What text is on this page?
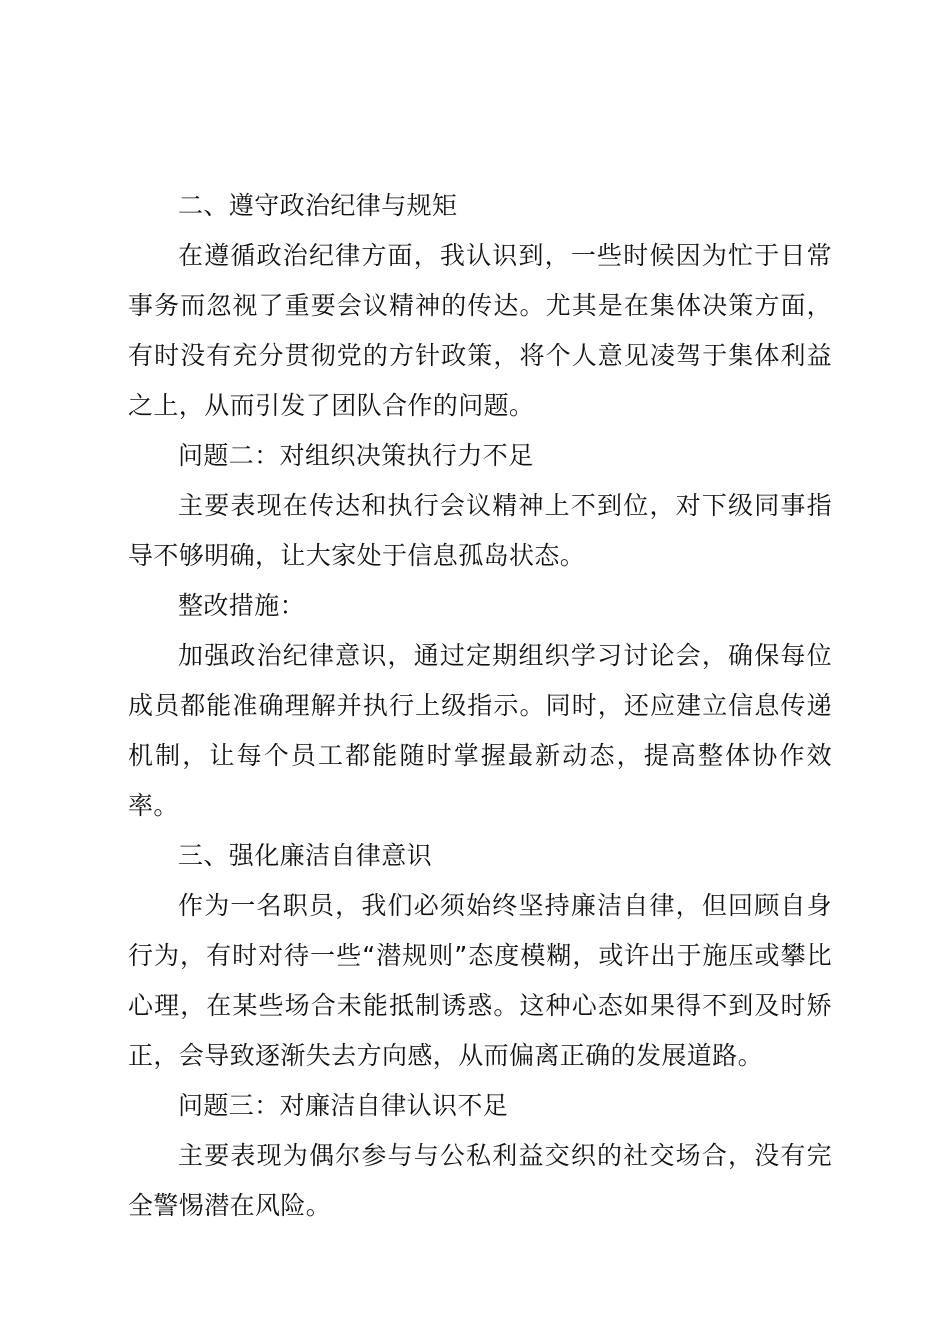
二、遵守政治纪律与规矩

在遵循政治纪律方面，我认识到，一些时候因为忙于日常事务而忽视了重要会议精神的传达。尤其是在集体决策方面，有时没有充分贯彻党的方针政策，将个人意见凌驾于集体利益之上，从而引发了团队合作的问题。

问题二：对组织决策执行力不足

主要表现在传达和执行会议精神上不到位，对下级同事指导不够明确，让大家处于信息孤岛状态。

整改措施：

加强政治纪律意识，通过定期组织学习讨论会，确保每位成员都能准确理解并执行上级指示。同时，还应建立信息传递机制，让每个员工都能随时掌握最新动态，提高整体协作效率。

三、强化廉洁自律意识

作为一名职员，我们必须始终坚持廉洁自律，但回顾自身行为，有时对待一些“潜规则”态度模糊，或许出于施压或攀比心理，在某些场合未能抵制诱惑。这种心态如果得不到及时矫正，会导致逐渐失去方向感，从而偏离正确的发展道路。

问题三：对廉洁自律认识不足

主要表现为偶尔参与与公私利益交织的社交场合，没有完全警惕潜在风险。
